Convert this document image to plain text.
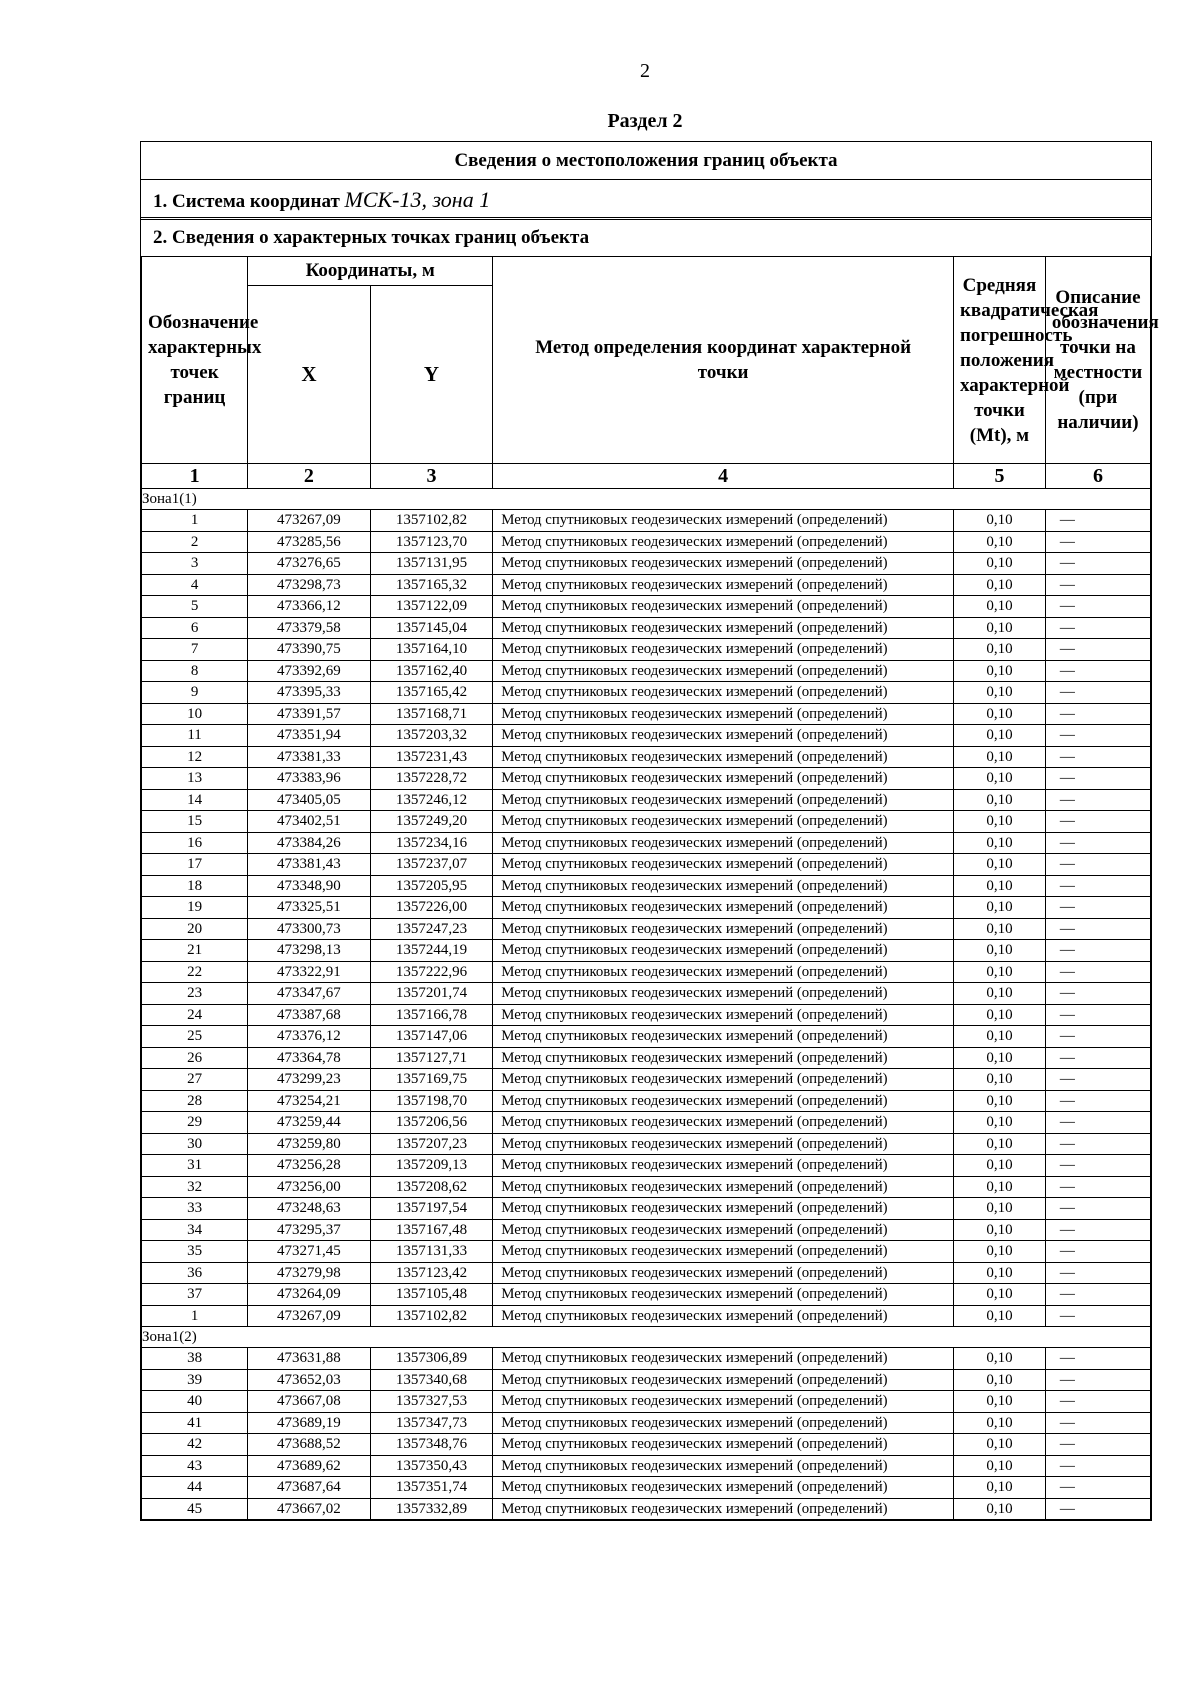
2
Раздел 2
Сведения о местоположения границ объекта
1. Система координат МСК-13, зона 1
2. Сведения о характерных точках границ объекта
Обозначение характерных точек границ	Координаты, м		Метод определения координат характерной точки	Средняя квадратическая погрешность положения характерной точки (Mt), м	Описание обозначения точки на местности (при наличии)
	X	Y			
1	2	3	4	5	6
Зона1(1)					
1	473267,09	1357102,82	Метод спутниковых геодезических измерений (определений)	0,10	—
2	473285,56	1357123,70	Метод спутниковых геодезических измерений (определений)	0,10	—
3	473276,65	1357131,95	Метод спутниковых геодезических измерений (определений)	0,10	—
4	473298,73	1357165,32	Метод спутниковых геодезических измерений (определений)	0,10	—
5	473366,12	1357122,09	Метод спутниковых геодезических измерений (определений)	0,10	—
6	473379,58	1357145,04	Метод спутниковых геодезических измерений (определений)	0,10	—
7	473390,75	1357164,10	Метод спутниковых геодезических измерений (определений)	0,10	—
8	473392,69	1357162,40	Метод спутниковых геодезических измерений (определений)	0,10	—
9	473395,33	1357165,42	Метод спутниковых геодезических измерений (определений)	0,10	—
10	473391,57	1357168,71	Метод спутниковых геодезических измерений (определений)	0,10	—
11	473351,94	1357203,32	Метод спутниковых геодезических измерений (определений)	0,10	—
12	473381,33	1357231,43	Метод спутниковых геодезических измерений (определений)	0,10	—
13	473383,96	1357228,72	Метод спутниковых геодезических измерений (определений)	0,10	—
14	473405,05	1357246,12	Метод спутниковых геодезических измерений (определений)	0,10	—
15	473402,51	1357249,20	Метод спутниковых геодезических измерений (определений)	0,10	—
16	473384,26	1357234,16	Метод спутниковых геодезических измерений (определений)	0,10	—
17	473381,43	1357237,07	Метод спутниковых геодезических измерений (определений)	0,10	—
18	473348,90	1357205,95	Метод спутниковых геодезических измерений (определений)	0,10	—
19	473325,51	1357226,00	Метод спутниковых геодезических измерений (определений)	0,10	—
20	473300,73	1357247,23	Метод спутниковых геодезических измерений (определений)	0,10	—
21	473298,13	1357244,19	Метод спутниковых геодезических измерений (определений)	0,10	—
22	473322,91	1357222,96	Метод спутниковых геодезических измерений (определений)	0,10	—
23	473347,67	1357201,74	Метод спутниковых геодезических измерений (определений)	0,10	—
24	473387,68	1357166,78	Метод спутниковых геодезических измерений (определений)	0,10	—
25	473376,12	1357147,06	Метод спутниковых геодезических измерений (определений)	0,10	—
26	473364,78	1357127,71	Метод спутниковых геодезических измерений (определений)	0,10	—
27	473299,23	1357169,75	Метод спутниковых геодезических измерений (определений)	0,10	—
28	473254,21	1357198,70	Метод спутниковых геодезических измерений (определений)	0,10	—
29	473259,44	1357206,56	Метод спутниковых геодезических измерений (определений)	0,10	—
30	473259,80	1357207,23	Метод спутниковых геодезических измерений (определений)	0,10	—
31	473256,28	1357209,13	Метод спутниковых геодезических измерений (определений)	0,10	—
32	473256,00	1357208,62	Метод спутниковых геодезических измерений (определений)	0,10	—
33	473248,63	1357197,54	Метод спутниковых геодезических измерений (определений)	0,10	—
34	473295,37	1357167,48	Метод спутниковых геодезических измерений (определений)	0,10	—
35	473271,45	1357131,33	Метод спутниковых геодезических измерений (определений)	0,10	—
36	473279,98	1357123,42	Метод спутниковых геодезических измерений (определений)	0,10	—
37	473264,09	1357105,48	Метод спутниковых геодезических измерений (определений)	0,10	—
1	473267,09	1357102,82	Метод спутниковых геодезических измерений (определений)	0,10	—
Зона1(2)					
38	473631,88	1357306,89	Метод спутниковых геодезических измерений (определений)	0,10	—
39	473652,03	1357340,68	Метод спутниковых геодезических измерений (определений)	0,10	—
40	473667,08	1357327,53	Метод спутниковых геодезических измерений (определений)	0,10	—
41	473689,19	1357347,73	Метод спутниковых геодезических измерений (определений)	0,10	—
42	473688,52	1357348,76	Метод спутниковых геодезических измерений (определений)	0,10	—
43	473689,62	1357350,43	Метод спутниковых геодезических измерений (определений)	0,10	—
44	473687,64	1357351,74	Метод спутниковых геодезических измерений (определений)	0,10	—
45	473667,02	1357332,89	Метод спутниковых геодезических измерений (определений)	0,10	—
